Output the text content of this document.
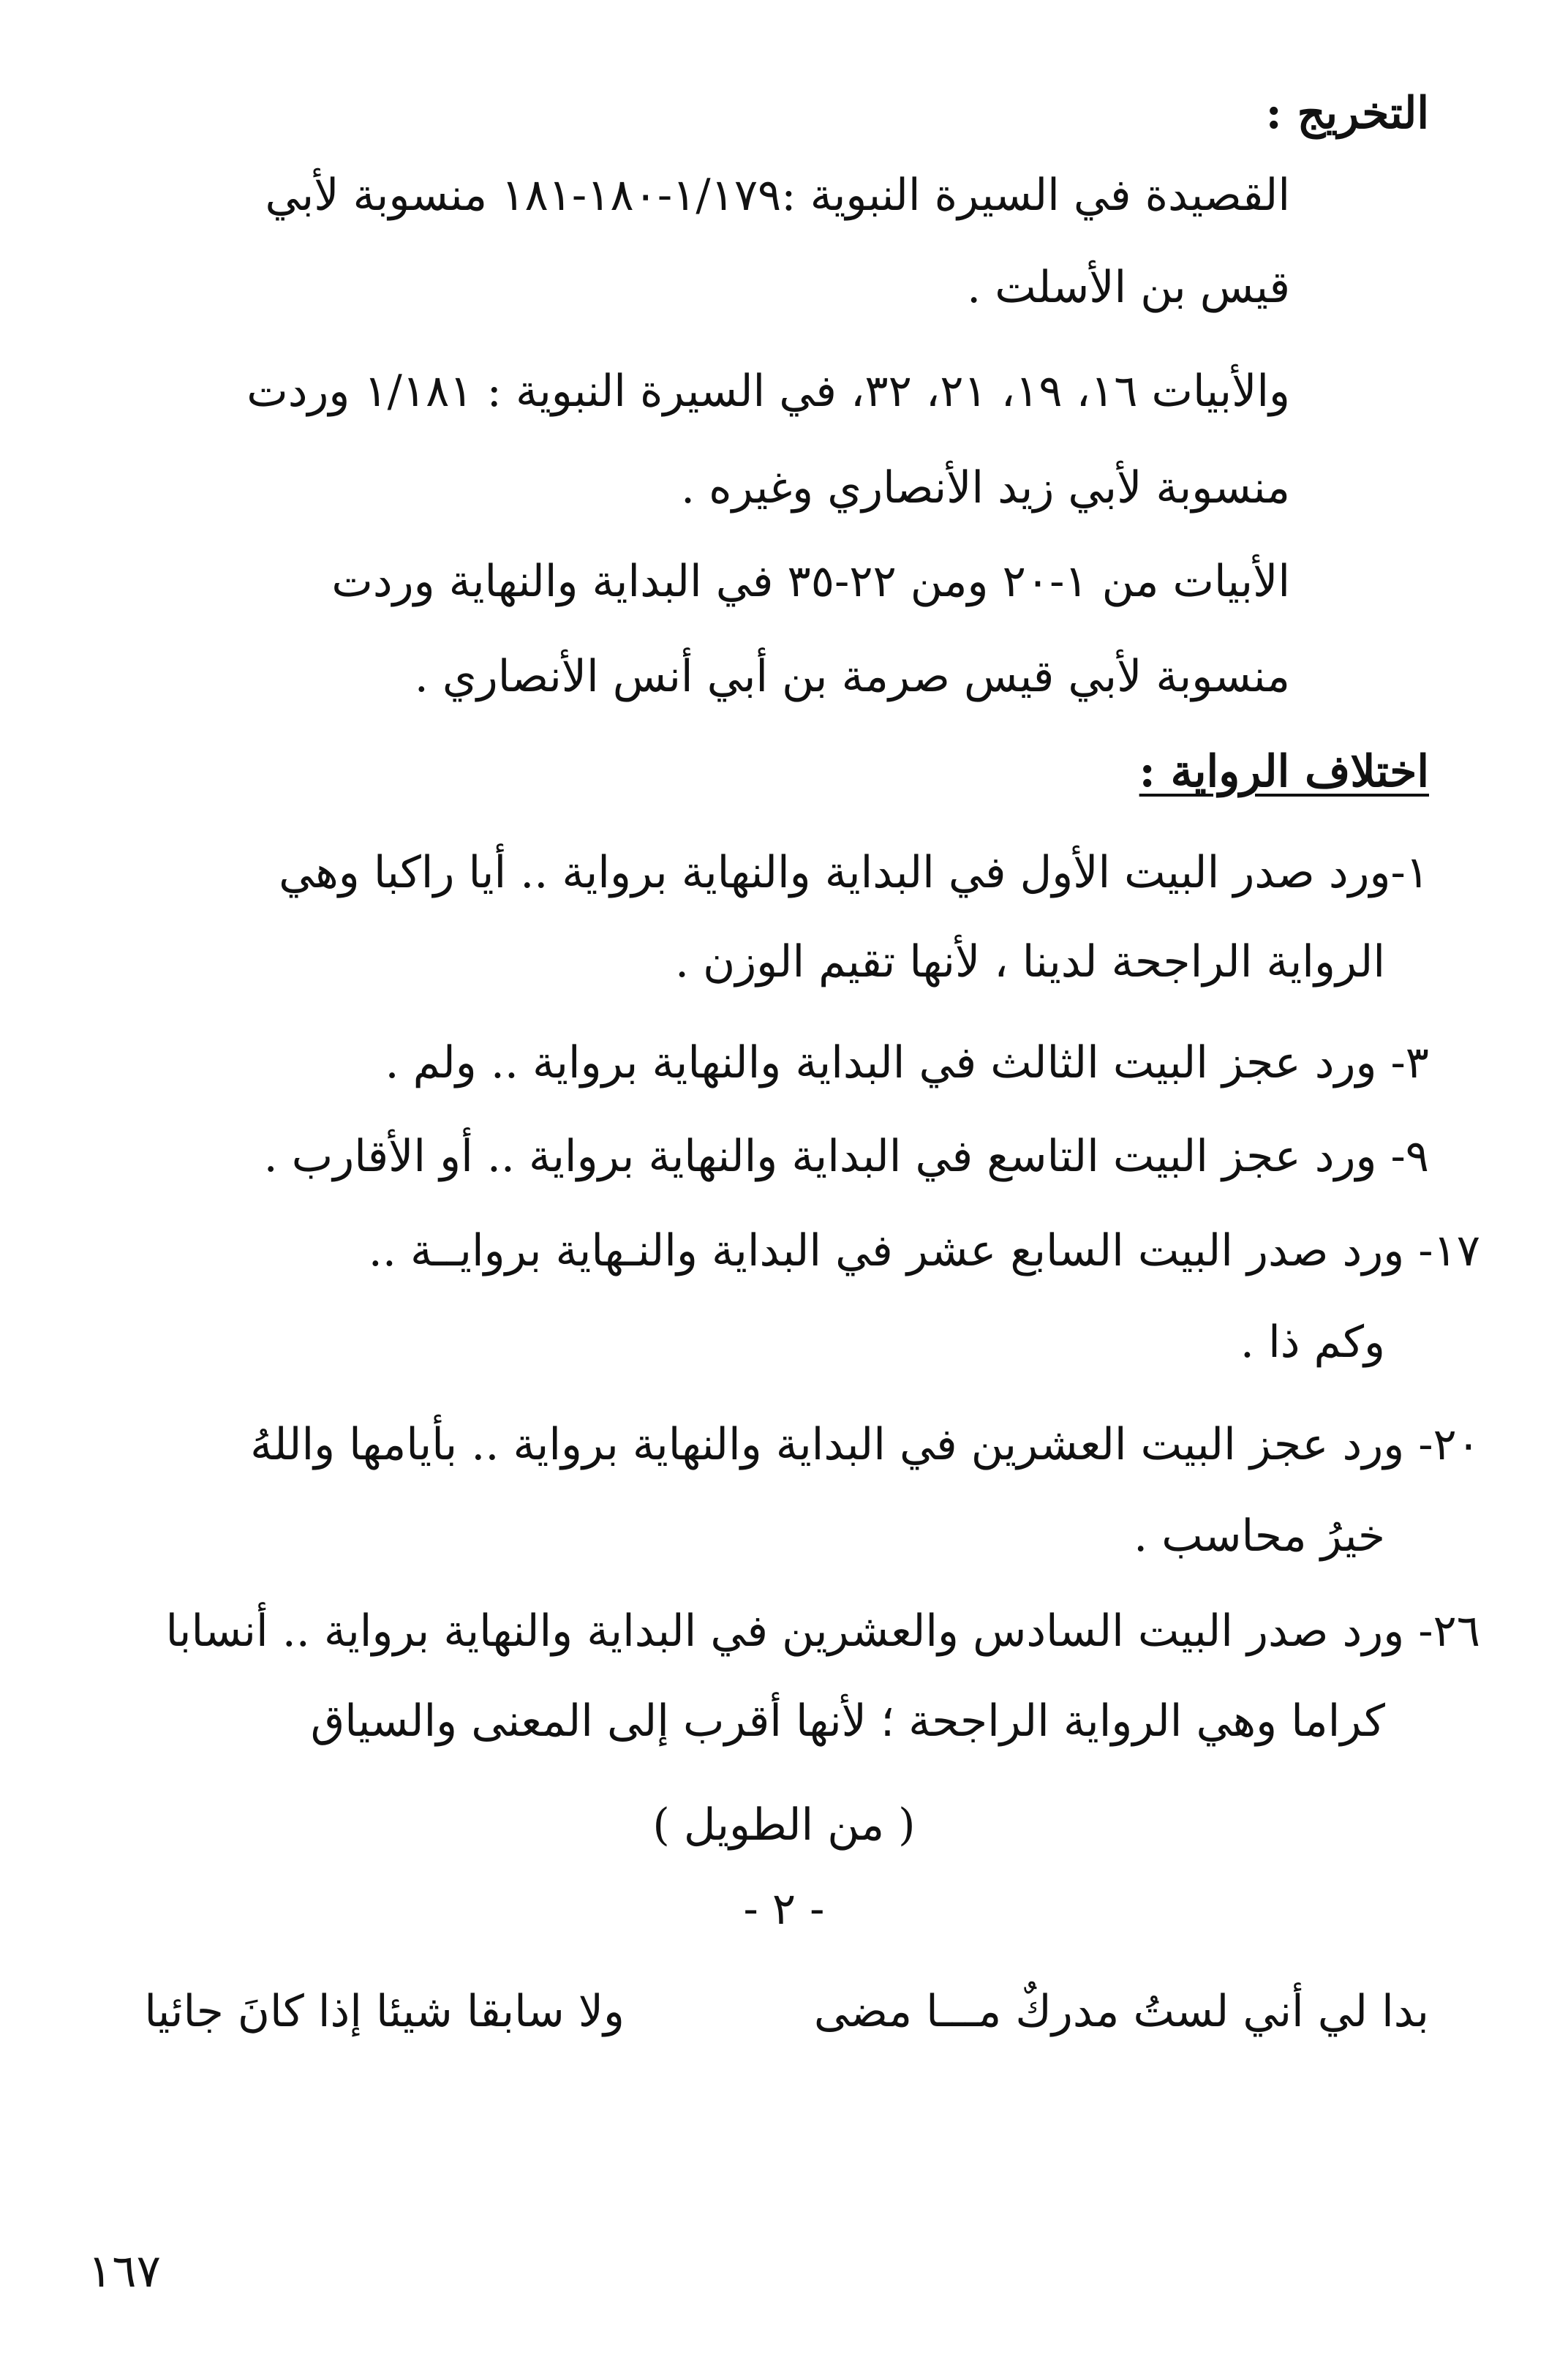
التخريج :
القصيدة في السيرة النبوية :١/١٧٩-١٨٠-١٨١ منسوبة لأبي
قيس بن الأسلت .
والأبيات ١٦، ١٩، ٢١، ٣٢، في السيرة النبوية : ١/١٨١ وردت
منسوبة لأبي زيد الأنصاري وغيره .
الأبيات من ١-٢٠ ومن ٢٢-٣٥ في البداية والنهاية وردت
منسوبة لأبي قيس صرمة بن أبي أنس الأنصاري .
اختلاف الرواية :
١-ورد صدر البيت الأول في البداية والنهاية برواية .. أيا راكبا وهي
الرواية الراجحة لدينا ، لأنها تقيم الوزن .
٣- ورد عجز البيت الثالث في البداية والنهاية برواية .. ولم .
٩- ورد عجز البيت التاسع في البداية والنهاية برواية .. أو الأقارب .
١٧- ورد صدر البيت السابع عشر في البداية والنـهاية بروايــة ..
وكم ذا .
٢٠- ورد عجز البيت العشرين في البداية والنهاية برواية .. بأيامها واللهُ
خيرُ محاسب .
٢٦- ورد صدر البيت السادس والعشرين في البداية والنهاية برواية .. أنسابا
كراما وهي الرواية الراجحة ؛ لأنها أقرب إلى المعنى والسياق
( من الطويل )
- ٢ -
بدا لي أني لستُ مدركٌ مـــا مضى
ولا سابقا شيئا إذا كانَ جائيا
١٦٧
